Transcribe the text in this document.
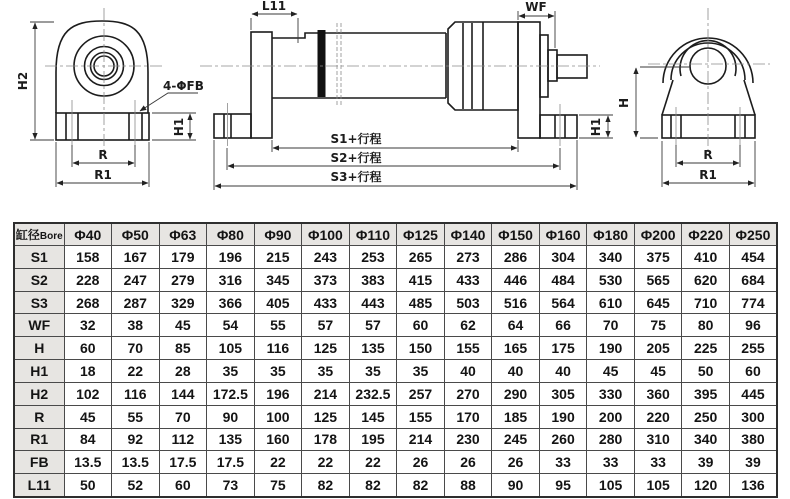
H2
H1
R
R1
4-ΦFB
L11	WF
S1+行程
S2+行程
S3+行程
H1
H
R
R1
缸径Bore	Φ40	Φ50	Φ63	Φ80	Φ90	Φ100	Φ110	Φ125	Φ140	Φ150	Φ160	Φ180	Φ200	Φ220	Φ250
S1	158	167	179	196	215	243	253	265	273	286	304	340	375	410	454
S2	228	247	279	316	345	373	383	415	433	446	484	530	565	620	684
S3	268	287	329	366	405	433	443	485	503	516	564	610	645	710	774
WF	32	38	45	54	55	57	57	60	62	64	66	70	75	80	96
H	60	70	85	105	116	125	135	150	155	165	175	190	205	225	255
H1	18	22	28	35	35	35	35	35	40	40	40	45	45	50	60
H2	102	116	144	172.5	196	214	232.5	257	270	290	305	330	360	395	445
R	45	55	70	90	100	125	145	155	170	185	190	200	220	250	300
R1	84	92	112	135	160	178	195	214	230	245	260	280	310	340	380
FB	13.5	13.5	17.5	17.5	22	22	22	26	26	26	33	33	33	39	39
L11	50	52	60	73	75	82	82	82	88	90	95	105	105	120	136
